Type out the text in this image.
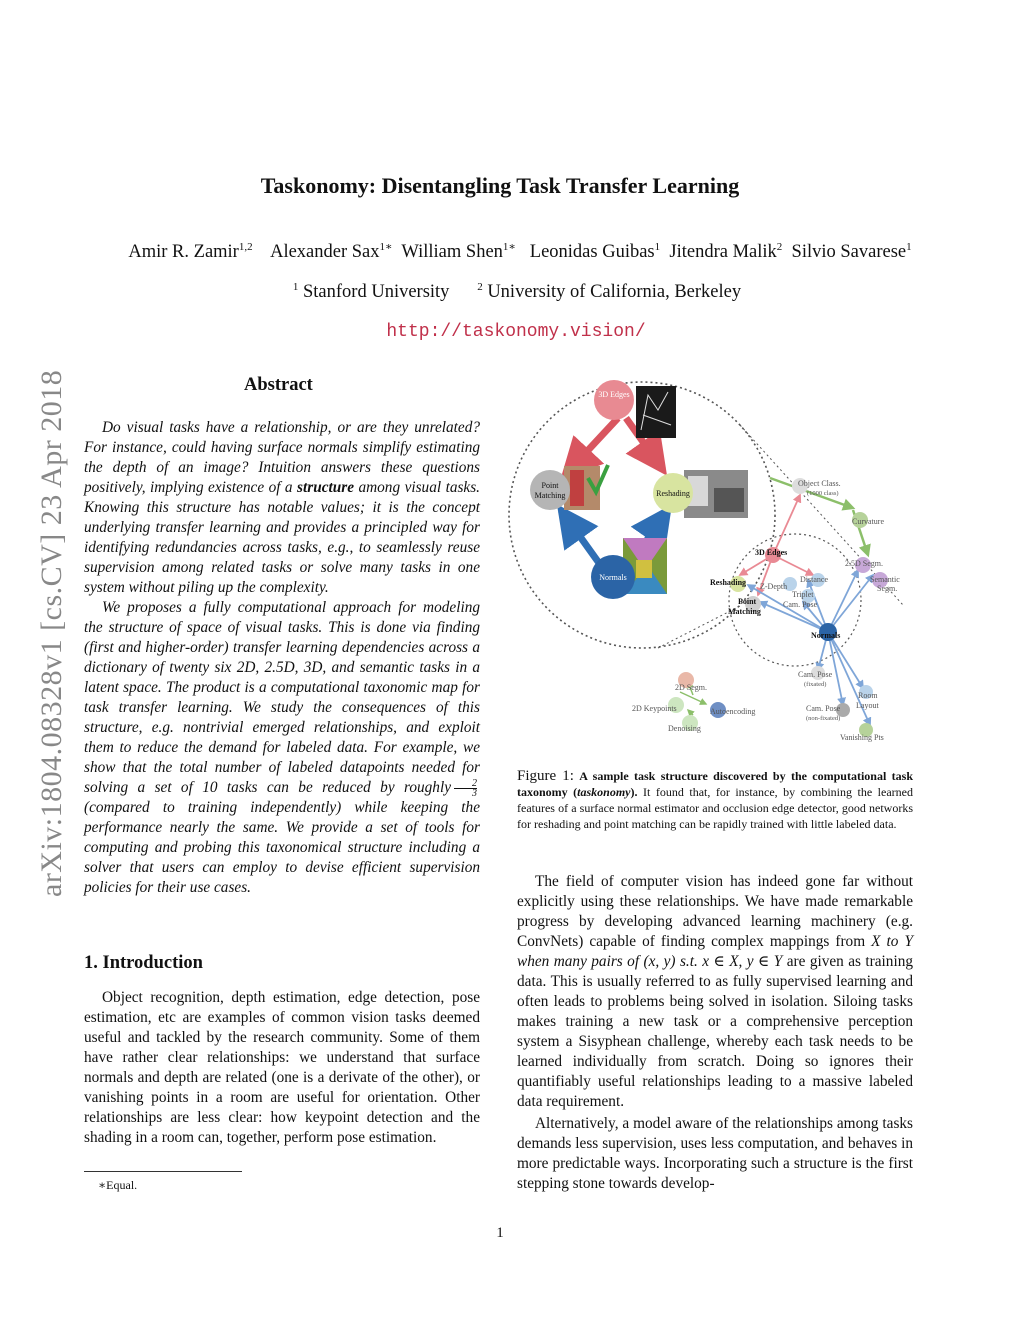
Taskonomy: Disentangling Task Transfer Learning
Amir R. Zamir$^{1,2}$ Alexander Sax$^{1∗}$ William Shen$^{1∗}$ Leonidas Guibas$^1$ Jitendra Malik$^2$ Silvio Savarese$^1$
$^1$ Stanford University	$^2$ University of California, Berkeley
http://taskonomy.vision/
arXiv:1804.08328v1 [cs.CV] 23 Apr 2018	Abstract

Do visual tasks have a relationship, or are they unrelated? For instance, could having surface normals simplify estimating the depth of an image? Intuition answers these questions positively, implying existence of a structure among visual tasks. Knowing this structure has notable values; it is the concept underlying transfer learning and provides a principled way for identifying redundancies across tasks, e.g., to seamlessly reuse supervision among related tasks or solve many tasks in one system without piling up the complexity.

We proposes a fully computational approach for modeling the structure of space of visual tasks. This is done via finding (first and higher-order) transfer learning dependencies across a dictionary of twenty six 2D, 2.5D, 3D, and semantic tasks in a latent space. The product is a computational taxonomic map for task transfer learning. We study the consequences of this structure, e.g. nontrivial emerged relationships, and exploit them to reduce the demand for labeled data. For example, we show that the total number of labeled datapoints needed for solving a set of 10 tasks can be reduced by roughly $\frac{2}{3}$
(compared to training independently) while keeping the performance nearly the same. We provide a set of tools for computing and probing this taxonomical structure including a solver that users can employ to devise efficient supervision policies for their use cases.

1. Introduction

Object recognition, depth estimation, edge detection, pose estimation, etc are examples of common vision tasks deemed useful and tackled by the research community. Some of them have rather clear relationships: we understand that surface normals and depth are related (one is a derivate of the other), or vanishing points in a room are useful for orientation. Other relationships are less clear: how keypoint detection and the shading in a room can, together, perform pose estimation.

∗Equal.
3D Edges
Point
Matching	Reshading
Normals
Object Class.
(1000 class)
Curvature
3D Edges
2.5D Segm.
Semantic
Segm.
Reshading Z-Depth
Distance
Point
Matching
Triplet
Cam. Pose
Normals
Cam. Pose
(fixated)
Room
Layout
Cam. Pose
(non-fixated)
Vanishing Pts
2D Segm.
2D Keypoints	Autoencoding
Denoising
Figure 1: A sample task structure discovered by the computational task taxonomy (taskonomy). It found that, for instance, by combining the learned features of a surface normal estimator and occlusion edge detector, good networks for reshading and point matching can be rapidly trained with little labeled data.

The field of computer vision has indeed gone far without explicitly using these relationships. We have made remarkable progress by developing advanced learning machinery (e.g. ConvNets) capable of finding complex mappings from X to Y when many pairs of (x, y) s.t. x ∈ X, y ∈ Y are given as training data. This is usually referred to as fully supervised learning and often leads to problems being solved in isolation. Siloing tasks makes training a new task or a comprehensive perception system a Sisyphean challenge, whereby each task needs to be learned individually from scratch. Doing so ignores their quantifiably useful relationships leading to a massive labeled data requirement.

Alternatively, a model aware of the relationships among tasks demands less supervision, uses less computation, and behaves in more predictable ways. Incorporating such a structure is the first stepping stone towards develop-

1
